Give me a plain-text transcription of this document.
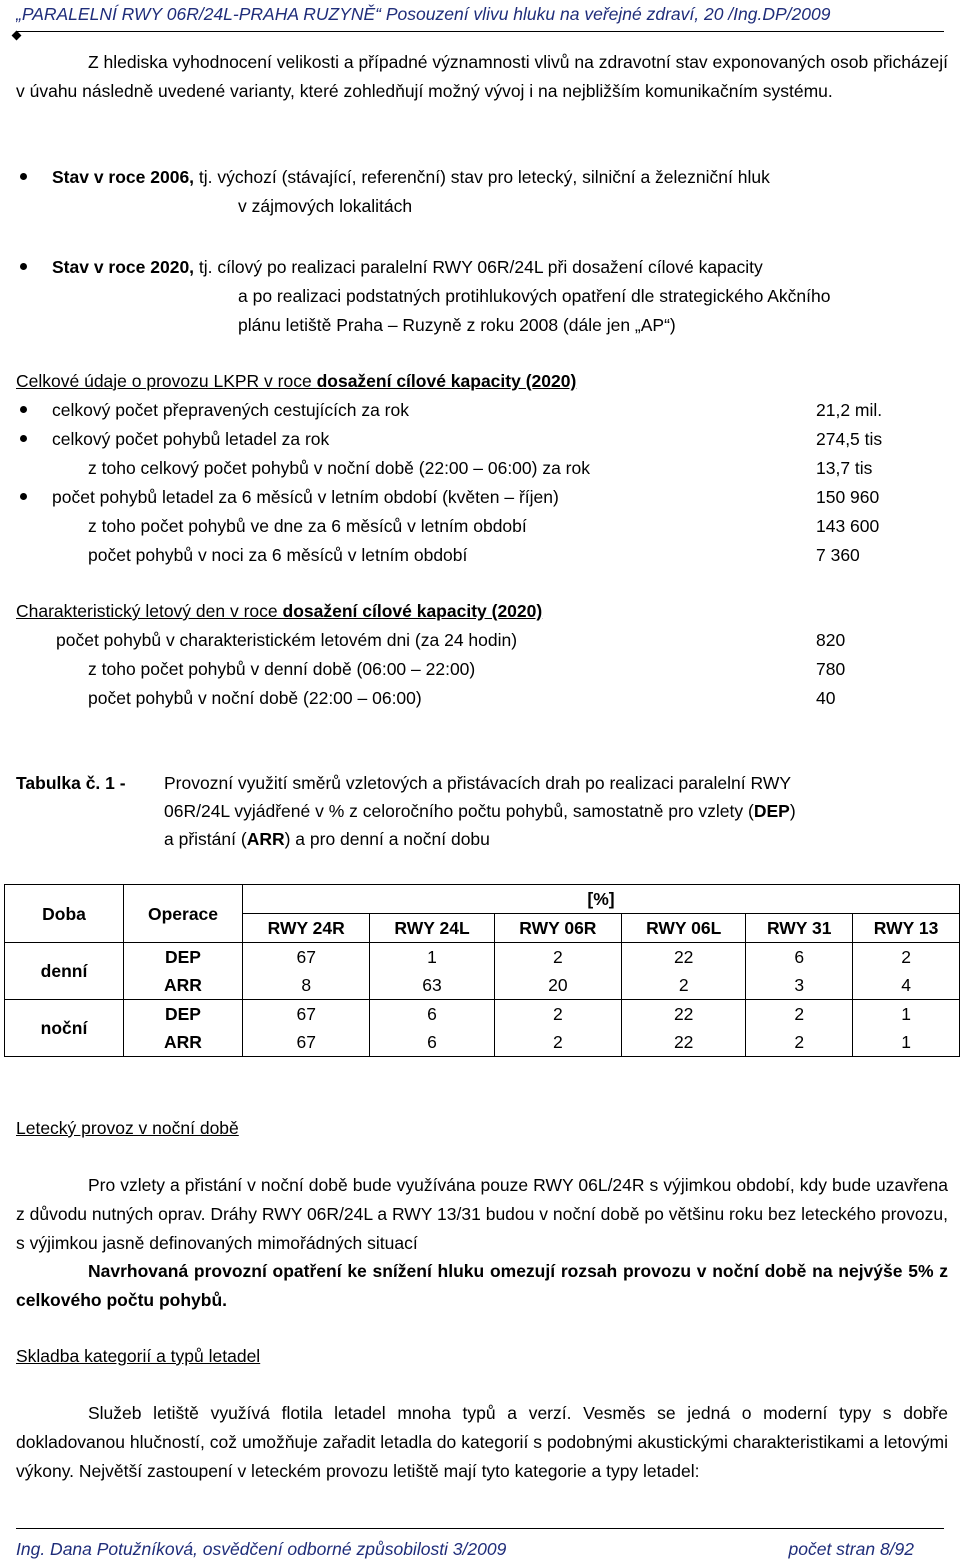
„PARALELNÍ RWY 06R/24L-PRAHA RUZYNĚ“ Posouzení vlivu hluku na veřejné zdraví, 20 /Ing.DP/2009
Z hlediska vyhodnocení velikosti a případné významnosti vlivů na zdravotní stav exponovaných osob přicházejí v úvahu následně uvedené varianty, které zohledňují možný vývoj i na nejbližším komunikačním systému.
Stav v roce 2006, tj. výchozí (stávající, referenční) stav pro letecký, silniční a železniční hluk
v zájmových lokalitách
Stav v roce 2020, tj. cílový po realizaci paralelní RWY 06R/24L při dosažení cílové kapacity
a po realizaci podstatných protihlukových opatření dle strategického Akčního
plánu letiště Praha – Ruzyně z roku 2008 (dále jen „AP“)
Celkové údaje o provozu LKPR v roce dosažení cílové kapacity (2020)
celkový počet přepravených cestujících za rok	21,2 mil.
celkový počet pohybů letadel za rok	274,5 tis
z toho celkový počet pohybů v noční době (22:00 – 06:00) za rok	13,7 tis
počet pohybů letadel za 6 měsíců v letním období (květen – říjen)	150 960
z toho počet pohybů ve dne za 6 měsíců v letním období	143 600
počet pohybů v noci za 6 měsíců v letním období	7 360
Charakteristický letový den v roce dosažení cílové kapacity (2020)
počet pohybů v charakteristickém letovém dni (za 24 hodin)	820
z toho počet pohybů v denní době (06:00 – 22:00)	780
počet pohybů v noční době (22:00 – 06:00)	40
Tabulka č. 1 - Provozní využití směrů vzletových a přistávacích drah po realizaci paralelní RWY
06R/24L vyjádřené v % z celoročního počtu pohybů, samostatně pro vzlety (DEP)
a přistání (ARR) a pro denní a noční dobu
Doba	Operace	[%]					
		RWY 24R	RWY 24L	RWY 06R	RWY 06L	RWY 31	RWY 13
denní	DEP	67	1	2	22	6	2
	ARR	8	63	20	2	3	4
noční	DEP	67	6	2	22	2	1
	ARR	67	6	2	22	2	1
Letecký provoz v noční době
Pro vzlety a přistání v noční době bude využívána pouze RWY 06L/24R s výjimkou období, kdy bude uzavřena z důvodu nutných oprav. Dráhy RWY 06R/24L a RWY 13/31 budou v noční době po většinu roku bez leteckého provozu, s výjimkou jasně definovaných mimořádných situací
Navrhovaná provozní opatření ke snížení hluku omezují rozsah provozu v noční době na nejvýše 5% z celkového počtu pohybů.
Skladba kategorií a typů letadel
Služeb letiště využívá flotila letadel mnoha typů a verzí. Vesměs se jedná o moderní typy s dobře dokladovanou hlučností, což umožňuje zařadit letadla do kategorií s podobnými akustickými charakteristikami a letovými výkony. Největší zastoupení v leteckém provozu letiště mají tyto kategorie a typy letadel:
Ing. Dana Potužníková, osvědčení odborné způsobilosti 3/2009	počet stran 8/92
